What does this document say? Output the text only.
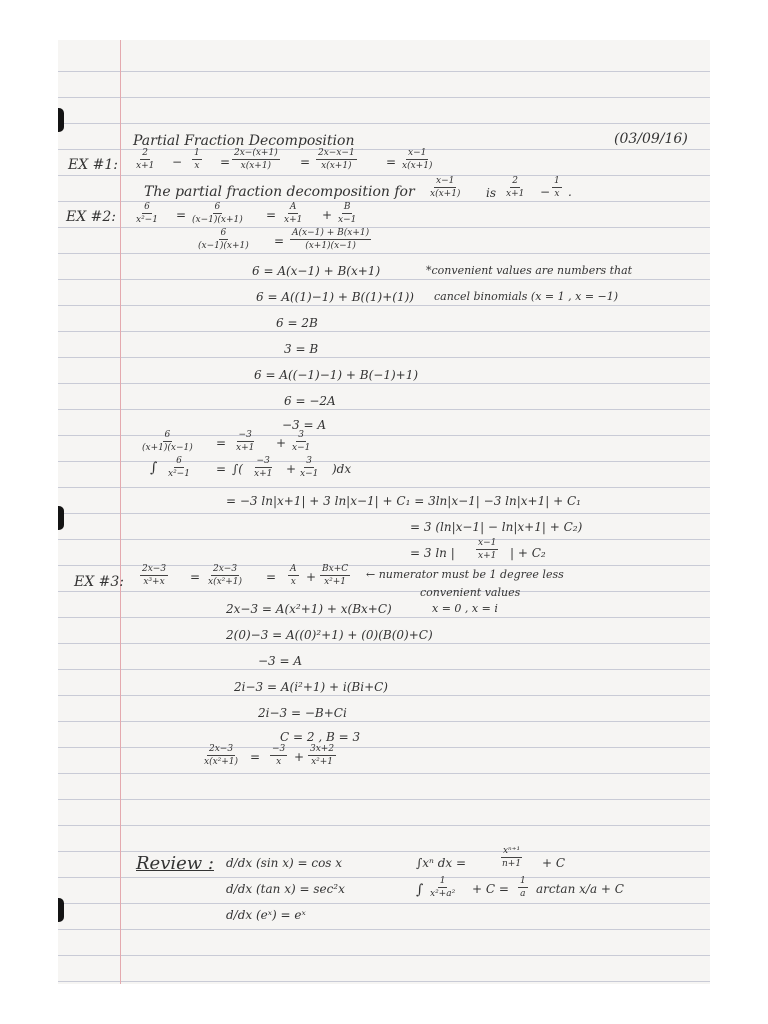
Partial Fraction Decomposition	(03/09/16)
EX #1: $\frac{2}{x+1} - \frac{1}{x} = \frac{2x-(x+1)}{x(x+1)} = \frac{2x-x-1}{x(x+1)} = \frac{x-1}{x(x+1)}$
The partial fraction decomposition for $\frac{x-1}{x(x+1)}$ is $\frac{2}{x+1} - \frac{1}{x}$ .
EX #2: $\frac{6}{\text{x²−1}} = \frac{6}{(x-1)(x+1)} = \frac{A}{x+1} + \frac{B}{x-1}$
$\frac{6}{(x-1)(x+1)} = \frac{A(x-1) + B(x+1)}{(x+1)(x-1)}$
6 = A(x−1) + B(x+1)	*convenient values are numbers that
6 = A((1)−1) + B((1)+(1)) cancel binomials (x = 1 , x = −1)
6 = 2B
3 = B
6 = A((−1)−1) + B(−1)+1)
6 = −2A
−3 = A
$\frac{6}{(x+1)(x-1)} = \frac{-3}{x+1} + \frac{3}{x-1}$
∫ $\frac{6}{\text{x²−1}}$ = ∫( $\frac{-3}{x+1} + \frac{3}{x-1} )dx$
= −3 ln|x+1| + 3 ln|x−1| + C₁ = 3ln|x−1| −3 ln|x+1| + C₁
= 3 (ln|x−1| − ln|x+1| + C₂)
= 3 ln | $\frac{x-1}{x+1}$ | + C₂
EX #3: $\frac{2x-3}{\text{x³+x}} = \frac{2x-3}{\text{x(x²+1)}} = \frac{A}{x} + \frac{Bx+C}{\text{x²+1}}$ ← numerator must be 1 degree less
convenient values
x = 0 , x = i
2x−3 = A(x²+1) + x(Bx+C)
2(0)−3 = A((0)²+1) + (0)(B(0)+C)
−3 = A
2i−3 = A(i²+1) + i(Bi+C)
2i−3 = −B+Ci
C = 2 , B = 3
$\frac{2x-3}{\text{x(x²+1)}} = \frac{-3}{x} + \frac{3x+2}{\text{x²+1}}$
Review : d/dx (sin x) = cos x
d/dx (tan x) = sec²x
d/dx (eˣ) = eˣ
∫xⁿ dx =	$\frac{\text{xⁿ⁺¹}}{n+1} + C$
∫ $\frac{1}{\text{x²+a²}} + C = \frac{1}{a}$ arctan x/a + C
